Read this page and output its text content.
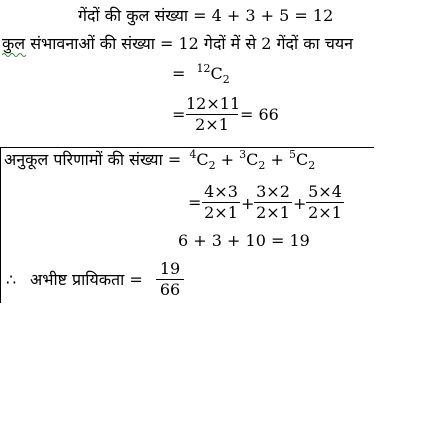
गेंदों की कुल संख्या = 4 + 3 + 5 = 12
कुल संभावनाओं की संख्या = 12 गेदों में से 2 गेंदों का चयन
= $^{12}C_2$
=
12×11
2×1
= 66
अनुकूल परिणामों की संख्या = $^4C_2 + ^3C_2 + ^5C_2$
=
4×3
2×1 +
3×2
2×1 +
5×4
2×1
6 + 3 + 10 = 19
∴ अभीष्ट प्रायिकता =
19
66
